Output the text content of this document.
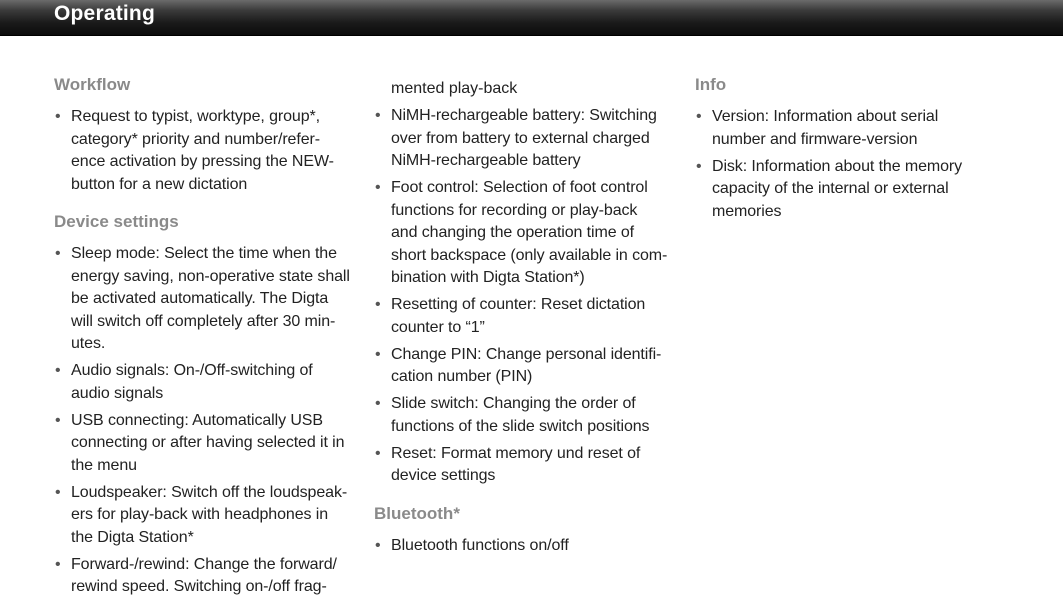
Operating
Workflow
• Request to typist, worktype, group*,
category* priority and number/refer-
ence activation by pressing the NEW-
button for a new dictation
Device settings
• Sleep mode: Select the time when the
energy saving, non-operative state shall
be activated automatically. The Digta
will switch off completely after 30 min-
utes.
• Audio signals: On-/Off-switching of
audio signals
• USB connecting: Automatically USB
connecting or after having selected it in
the menu
• Loudspeaker: Switch off the loudspeak-
ers for play-back with headphones in
the Digta Station*
• Forward-/rewind: Change the forward/
rewind speed. Switching on-/off frag-
mented play-back
• NiMH-rechargeable battery: Switching
over from battery to external charged
NiMH-rechargeable battery
• Foot control: Selection of foot control
functions for recording or play-back
and changing the operation time of
short backspace (only available in com-
bination with Digta Station*)
• Resetting of counter: Reset dictation
counter to “1”
• Change PIN: Change personal identifi-
cation number (PIN)
• Slide switch: Changing the order of
functions of the slide switch positions
• Reset: Format memory und reset of
device settings
Bluetooth*
• Bluetooth functions on/off
Info
• Version: Information about serial
number and firmware-version
• Disk: Information about the memory
capacity of the internal or external
memories
